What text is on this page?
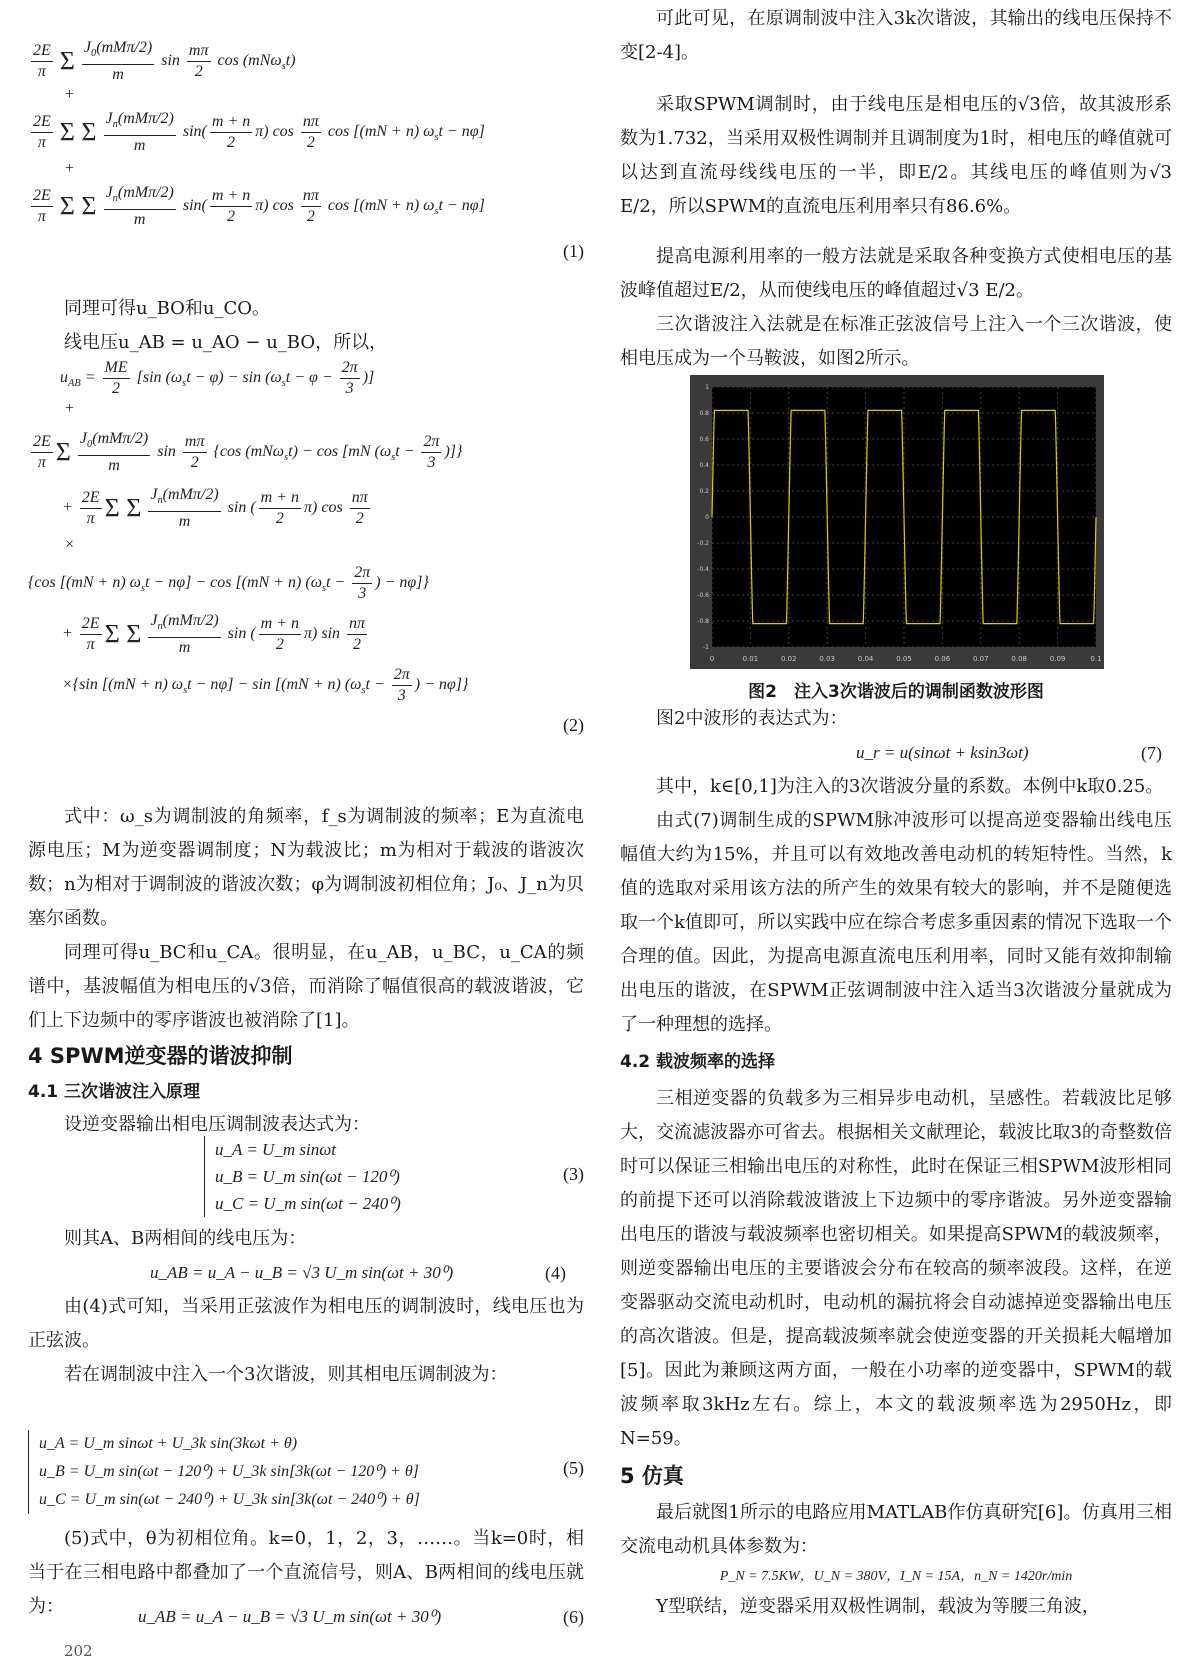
$\frac{2E}{\pi}$ Σ $\frac{J_0(mM\pi/2)}{m}$ $\sin \frac{m\pi}{2}$ cos (mNω$_s$t)
+
$\frac{2E}{\pi}$ Σ Σ $\frac{J_n(mM\pi/2)}{m} \sin( \frac{m + n}{2} \pi)$ $\cos \frac{n\pi}{2}$ cos [(mN + n) $\omega_st - n\varphi$]
+
$\frac{2E}{\pi}$ Σ Σ $\frac{J_n(mM\pi/2)}{m} \sin( \frac{m + n}{2} \pi)$ $\cos \frac{n\pi}{2}$ cos [(mN + n) $\omega_st - n\varphi$]
(1)

同理可得u_BO和u_CO。

线电压u_AB = u_AO − u_BO，所以，

$u_{AB} = \frac{ME}{2} [\sin$ $(\omega_st - \varphi) - \sin (\omega_st - \varphi - \frac{2\pi}{3}$ )]
+
$\frac{2E}{\pi}$ Σ $\frac{J_0(mM\pi/2)}{m}$ $\sin \frac{m\pi}{2} \{\cos$ (mNω$_s$t) − cos [mN ($\omega_st - \frac{2\pi}{3}$ )]}
+ $\frac{2E}{\pi}$ Σ Σ $\frac{J_n(mM\pi/2)}{m}$ sin ( $\frac{m + n}{2} \pi$) $\cos \frac{n\pi}{2}$
×
{cos [(mN + n) $\omega_st - n\varphi] - \cos [(mN + n) (\omega_st - \frac{2\pi}{3}$ ) − nφ]}
+ $\frac{2E}{\pi}$ Σ Σ $\frac{J_n(mM\pi/2)}{m}$ sin ( $\frac{m + n}{2} \pi$) $\sin \frac{n\pi}{2}$
×{sin [(mN + n) $\omega_st - n\varphi] - \sin [(mN + n) (\omega_st - \frac{2\pi}{3}$ ) − nφ]}
(2)

式中：ω_s为调制波的角频率，f_s为调制波的频率；E为直流电源电压；M为逆变器调制度；N为载波比；m为相对于载波的谐波次数；n为相对于调制波的谐波次数；φ为调制波初相位角；J₀、J_n为贝塞尔函数。

同理可得u_BC和u_CA。很明显，在u_AB，u_BC，u_CA的频谱中，基波幅值为相电压的√3倍，而消除了幅值很高的载波谐波，它们上下边频中的零序谐波也被消除了[1]。

4 SPWM逆变器的谐波抑制
4.1 三次谐波注入原理

设逆变器输出相电压调制波表达式为：

u_A = U_m sinωt
u_B = U_m sin(ωt − 120⁰)
u_C = U_m sin(ωt − 240⁰)
(3)

则其A、B两相间的线电压为：

u_AB = u_A − u_B = √3 U_m sin(ωt + 30⁰)	(4)

由(4)式可知，当采用正弦波作为相电压的调制波时，线电压也为正弦波。

若在调制波中注入一个3次谐波，则其相电压调制波为：

u_A = U_m sinωt + U_3k sin(3kωt + θ)
u_B = U_m sin(ωt − 120⁰) + U_3k sin[3k(ωt − 120⁰) + θ]
u_C = U_m sin(ωt − 240⁰) + U_3k sin[3k(ωt − 240⁰) + θ]
(5)

(5)式中，θ为初相位角。k=0，1，2，3，……。当k=0时，相当于在三相电路中都叠加了一个直流信号，则A、B两相间的线电压就为：	u_AB = u_A − u_B = √3 U_m sin(ωt + 30⁰)	(6)
202

可此可见，在原调制波中注入3k次谐波，其输出的线电压保持不变[2-4]。

采取SPWM调制时，由于线电压是相电压的√3倍，故其波形系数为1.732，当采用双极性调制并且调制度为1时，相电压的峰值就可以达到直流母线线电压的一半，即E/2。其线电压的峰值则为√3 E/2，所以SPWM的直流电压利用率只有86.6%。

提高电源利用率的一般方法就是采取各种变换方式使相电压的基波峰值超过E/2，从而使线电压的峰值超过√3 E/2。

三次谐波注入法就是在标准正弦波信号上注入一个三次谐波，使相电压成为一个马鞍波，如图2所示。

0	0.01	0.02	0.03	0.04	0.05	0.06	0.07	0.08	0.09	0.1
-1
-0.8
-0.6
-0.4
-0.2
0
0.2
0.4
0.6
0.8
1
图2　注入3次谐波后的调制函数波形图

图2中波形的表达式为：

u_r = u(sinωt + ksin3ωt)	(7)

其中，k∈[0,1]为注入的3次谐波分量的系数。本例中k取0.25。

由式(7)调制生成的SPWM脉冲波形可以提高逆变器输出线电压幅值大约为15%，并且可以有效地改善电动机的转矩特性。当然，k值的选取对采用该方法的所产生的效果有较大的影响，并不是随便选取一个k值即可，所以实践中应在综合考虑多重因素的情况下选取一个合理的值。因此，为提高电源直流电压利用率，同时又能有效抑制输出电压的谐波，在SPWM正弦调制波中注入适当3次谐波分量就成为了一种理想的选择。

4.2 载波频率的选择

三相逆变器的负载多为三相异步电动机，呈感性。若载波比足够大，交流滤波器亦可省去。根据相关文献理论，载波比取3的奇整数倍时可以保证三相输出电压的对称性，此时在保证三相SPWM波形相同的前提下还可以消除载波谐波上下边频中的零序谐波。另外逆变器输出电压的谐波与载波频率也密切相关。如果提高SPWM的载波频率，则逆变器输出电压的主要谐波会分布在较高的频率波段。这样，在逆变器驱动交流电动机时，电动机的漏抗将会自动滤掉逆变器输出电压的高次谐波。但是，提高载波频率就会使逆变器的开关损耗大幅增加[5]。因此为兼顾这两方面，一般在小功率的逆变器中，SPWM的载波频率取3kHz左右。综上，本文的载波频率选为2950Hz，即N=59。

5 仿真

最后就图1所示的电路应用MATLAB作仿真研究[6]。仿真用三相交流电动机具体参数为：

P_N = 7.5KW，U_N = 380V，I_N = 15A，n_N = 1420r/min

Y型联结，逆变器采用双极性调制，载波为等腰三角波，
